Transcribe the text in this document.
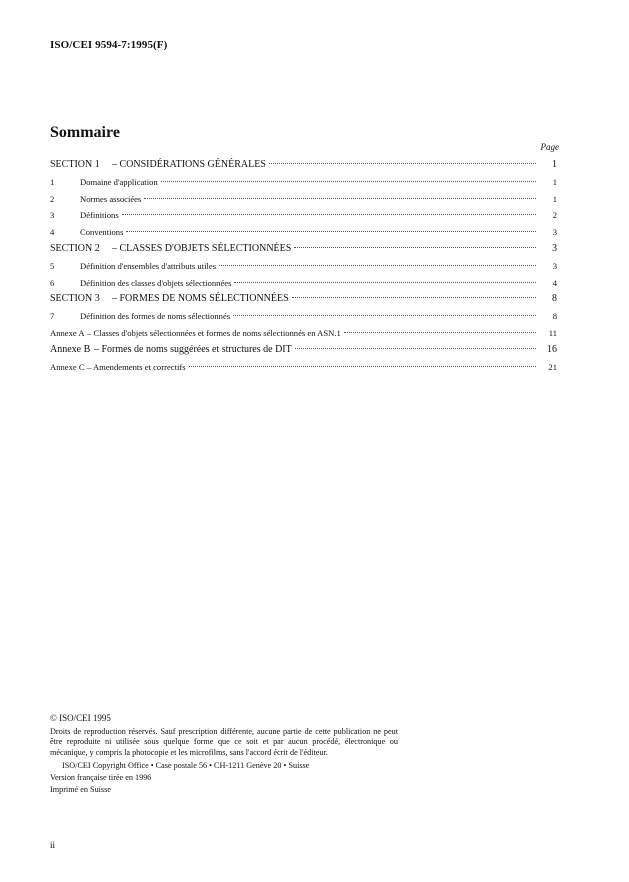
ISO/CEI 9594-7:1995(F)
Sommaire
Page
SECTION 1	– CONSIDÉRATIONS GÉNÉRALES	1
1	Domaine d'application	1
2	Normes associées	1
3	Définitions	2
4	Conventions	3
SECTION 2	– CLASSES D'OBJETS SÉLECTIONNÉES	3
5	Définition d'ensembles d'attributs utiles	3
6	Définition des classes d'objets sélectionnées	4
SECTION 3	– FORMES DE NOMS SÉLECTIONNÉES	8
7	Définition des formes de noms sélectionnés	8
Annexe A – Classes d'objets sélectionnées et formes de noms sélectionnés en ASN.1	11
Annexe B – Formes de noms suggérées et structures de DIT	16
Annexe C – Amendements et correctifs	21
© ISO/CEI 1995
Droits de reproduction réservés. Sauf prescription différente, aucune partie de cette publication ne peut être reproduite ni utilisée sous quelque forme que ce soit et par aucun procédé, électronique ou mécanique, y compris la photocopie et les microfilms, sans l'accord écrit de l'éditeur.
ISO/CEI Copyright Office • Case postale 56 • CH-1211 Genève 20 • Suisse
Version française tirée en 1996
Imprimé en Suisse
ii
